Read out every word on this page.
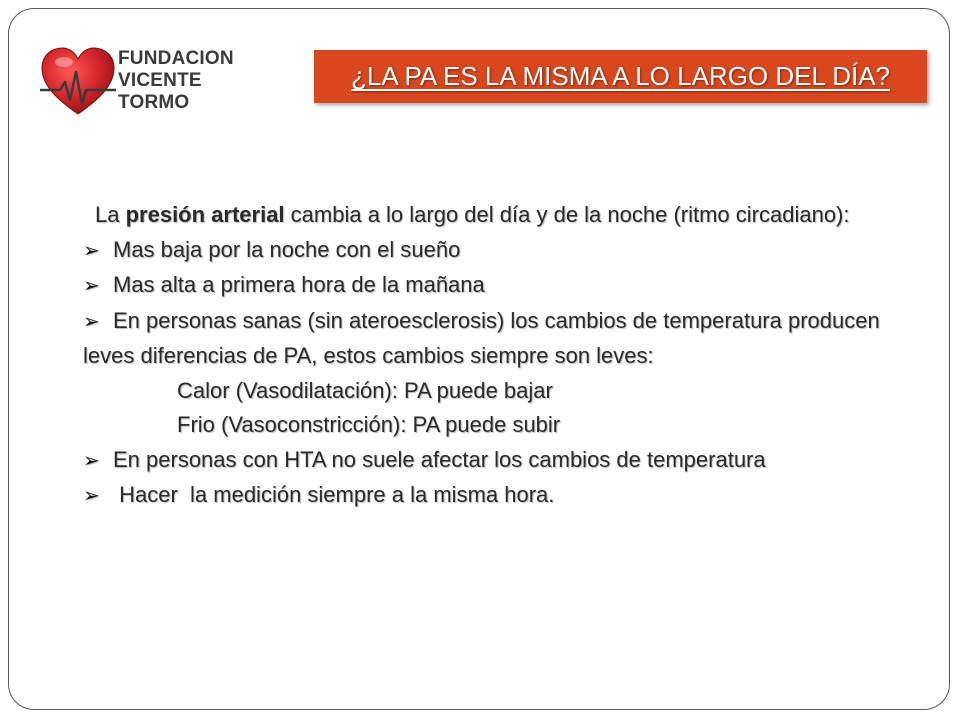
FUNDACION
VICENTE TORMO
¿LA PA ES LA MISMA A LO LARGO DEL DÍA?

La presión arterial cambia a lo largo del día y de la noche (ritmo circadiano):

➢ Mas baja por la noche con el sueño

➢ Mas alta a primera hora de la mañana

➢ En personas sanas (sin ateroesclerosis) los cambios de temperatura producen leves diferencias de PA, estos cambios siempre son leves:

Calor (Vasodilatación): PA puede bajar

Frio (Vasoconstricción): PA puede subir

➢ En personas con HTA no suele afectar los cambios de temperatura

➢ Hacer  la medición siempre a la misma hora.
